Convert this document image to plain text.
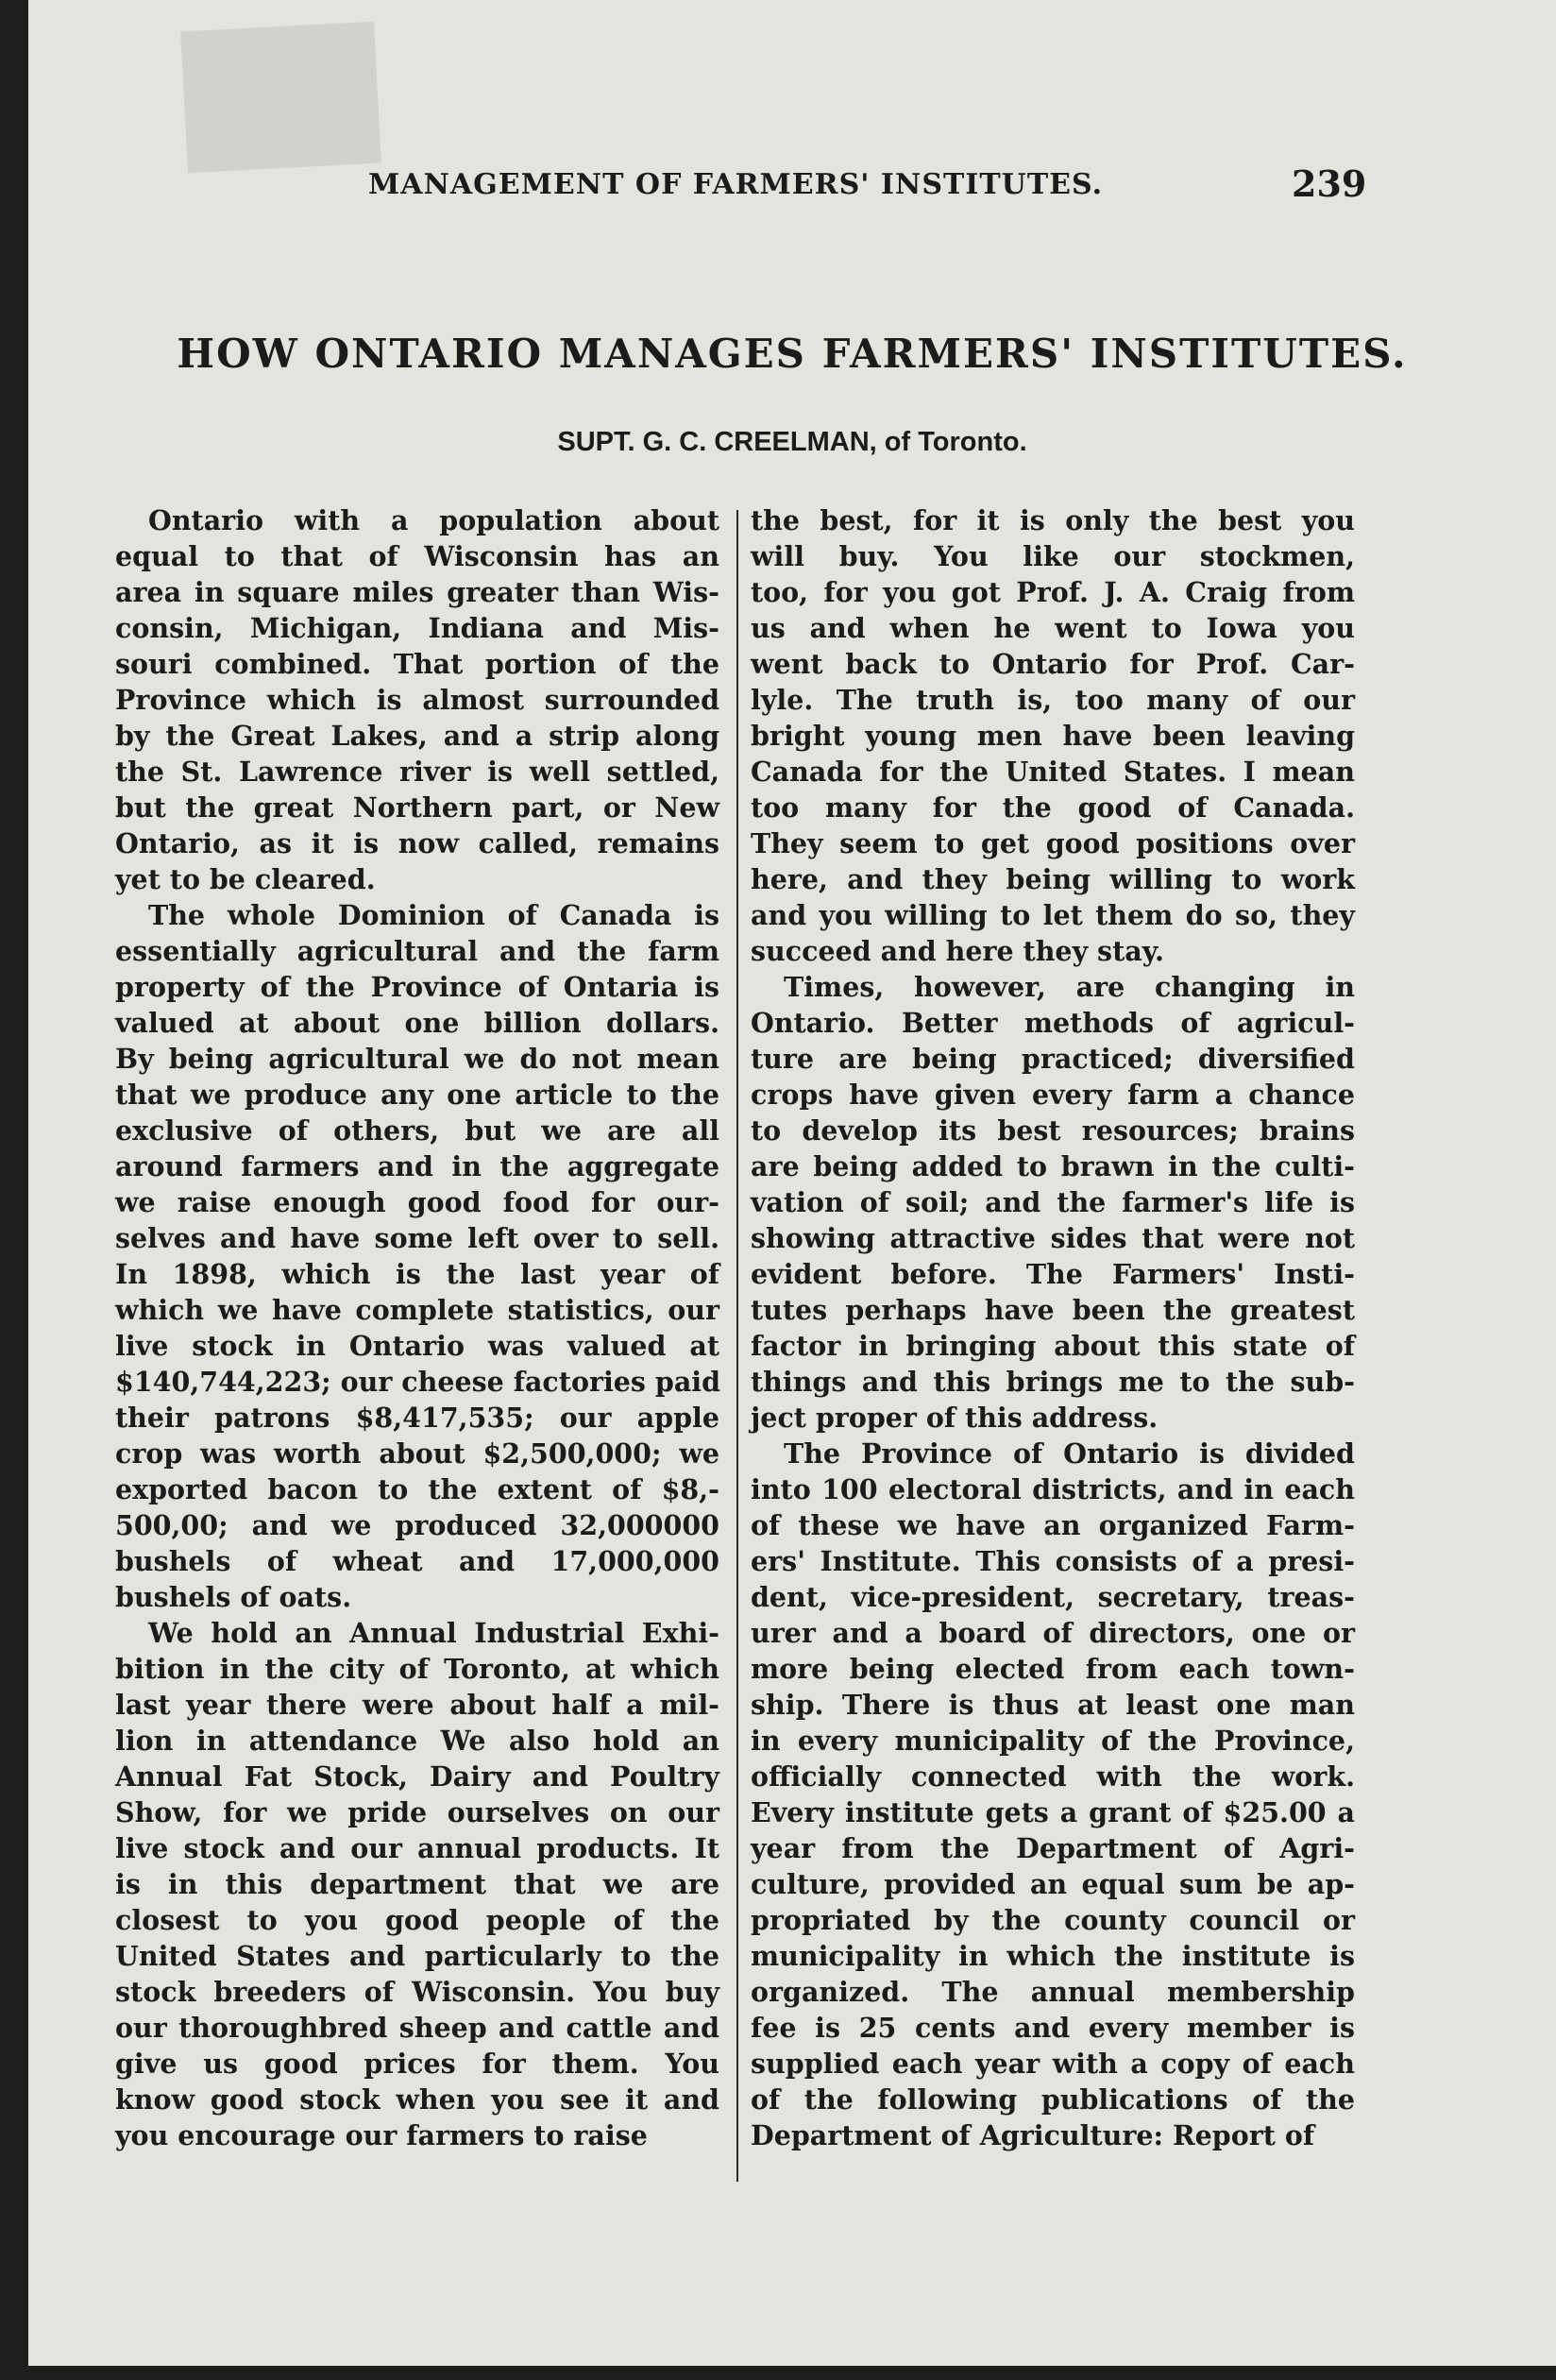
MANAGEMENT OF FARMERS' INSTITUTES.	239
HOW ONTARIO MANAGES FARMERS' INSTITUTES.
SUPT. G. C. CREELMAN, of Toronto.
Ontario with a population about
equal to that of Wisconsin has an
area in square miles greater than Wis-
consin, Michigan, Indiana and Mis-
souri combined. That portion of the
Province which is almost surrounded
by the Great Lakes, and a strip along
the St. Lawrence river is well settled,
but the great Northern part, or New
Ontario, as it is now called, remains
yet to be cleared.
The whole Dominion of Canada is
essentially agricultural and the farm
property of the Province of Ontaria is
valued at about one billion dollars.
By being agricultural we do not mean
that we produce any one article to the
exclusive of others, but we are all
around farmers and in the aggregate
we raise enough good food for our-
selves and have some left over to sell.
In 1898, which is the last year of
which we have complete statistics, our
live stock in Ontario was valued at
$140,744,223; our cheese factories paid
their patrons $8,417,535; our apple
crop was worth about $2,500,000; we
exported bacon to the extent of $8,-
500,00; and we produced 32,000000
bushels of wheat and 17,000,000
bushels of oats.
We hold an Annual Industrial Exhi-
bition in the city of Toronto, at which
last year there were about half a mil-
lion in attendance We also hold an
Annual Fat Stock, Dairy and Poultry
Show, for we pride ourselves on our
live stock and our annual products. It
is in this department that we are
closest to you good people of the
United States and particularly to the
stock breeders of Wisconsin. You buy
our thoroughbred sheep and cattle and
give us good prices for them. You
know good stock when you see it and
you encourage our farmers to raise
the best, for it is only the best you
will buy. You like our stockmen,
too, for you got Prof. J. A. Craig from
us and when he went to Iowa you
went back to Ontario for Prof. Car-
lyle. The truth is, too many of our
bright young men have been leaving
Canada for the United States. I mean
too many for the good of Canada.
They seem to get good positions over
here, and they being willing to work
and you willing to let them do so, they
succeed and here they stay.
Times, however, are changing in
Ontario. Better methods of agricul-
ture are being practiced; diversified
crops have given every farm a chance
to develop its best resources; brains
are being added to brawn in the culti-
vation of soil; and the farmer's life is
showing attractive sides that were not
evident before. The Farmers' Insti-
tutes perhaps have been the greatest
factor in bringing about this state of
things and this brings me to the sub-
ject proper of this address.
The Province of Ontario is divided
into 100 electoral districts, and in each
of these we have an organized Farm-
ers' Institute. This consists of a presi-
dent, vice-president, secretary, treas-
urer and a board of directors, one or
more being elected from each town-
ship. There is thus at least one man
in every municipality of the Province,
officially connected with the work.
Every institute gets a grant of $25.00 a
year from the Department of Agri-
culture, provided an equal sum be ap-
propriated by the county council or
municipality in which the institute is
organized. The annual membership
fee is 25 cents and every member is
supplied each year with a copy of each
of the following publications of the
Department of Agriculture: Report of
